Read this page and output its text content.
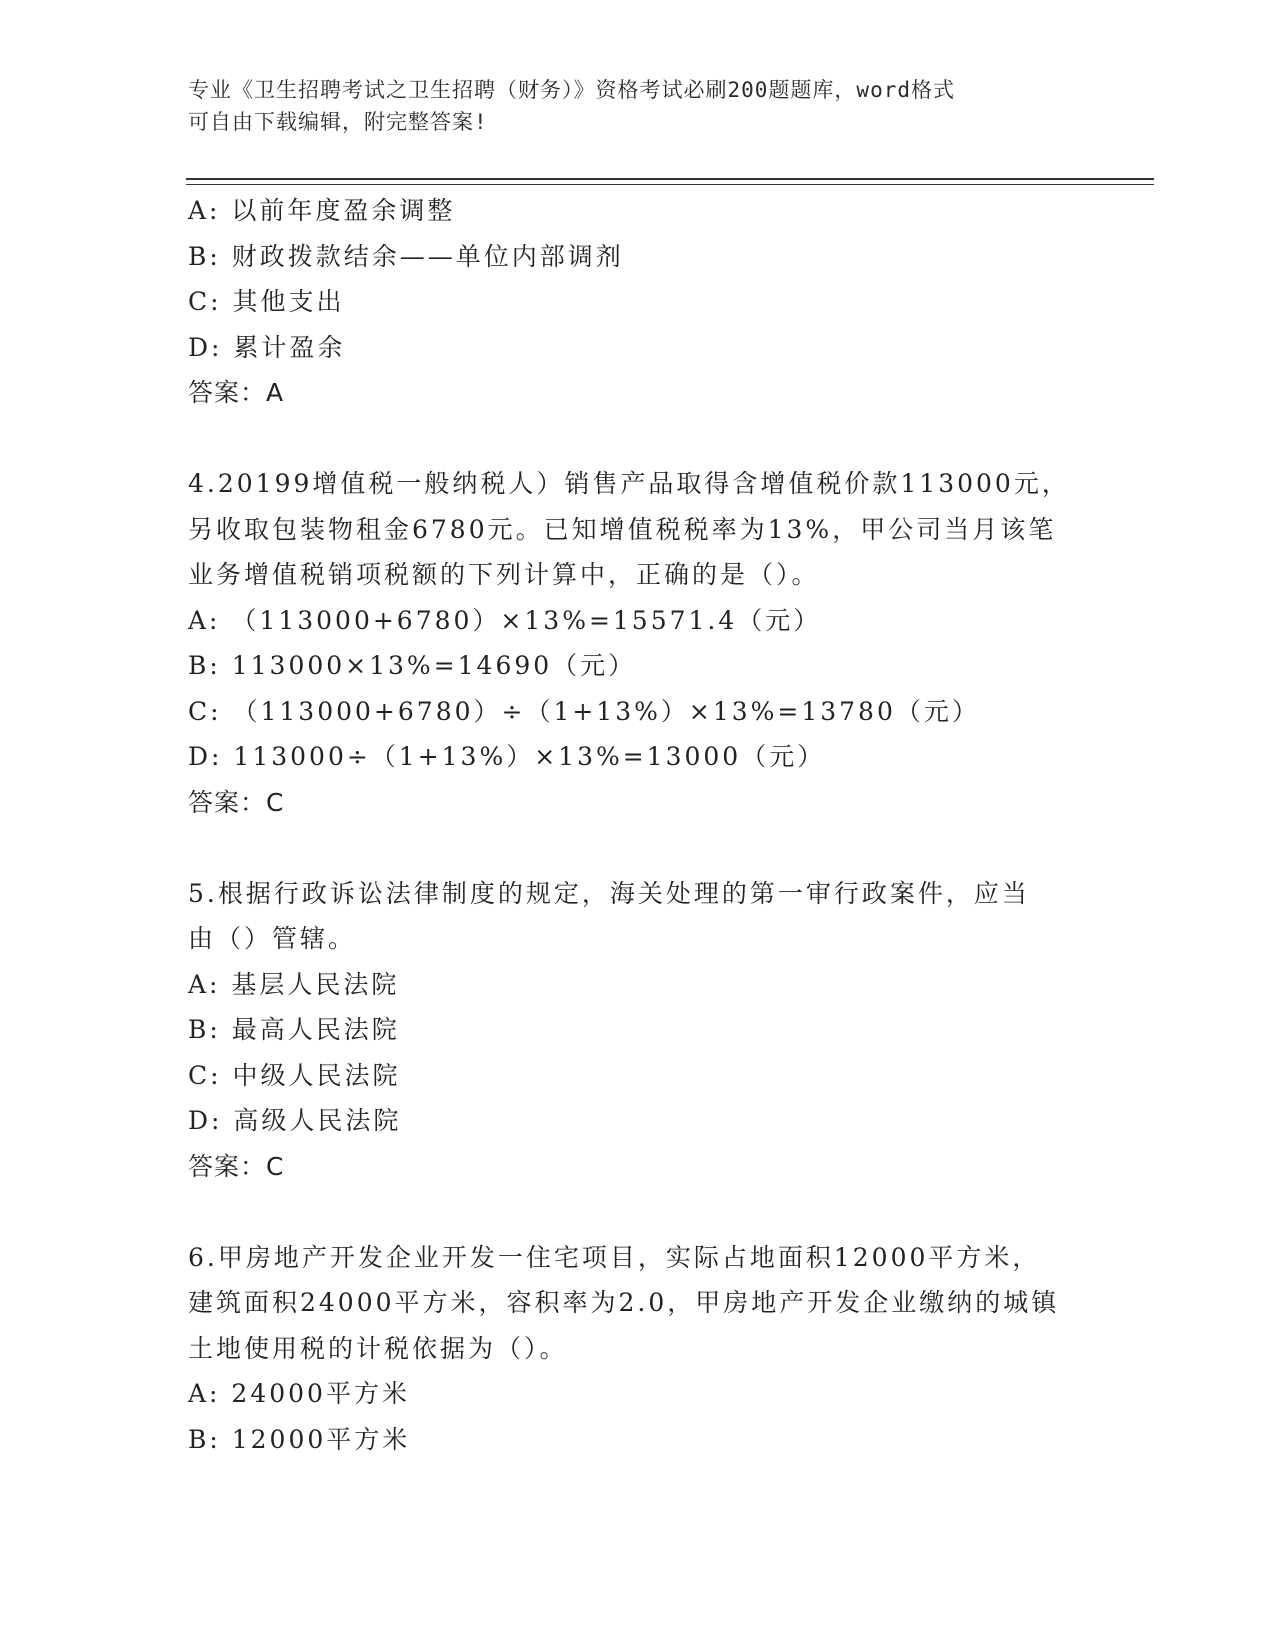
专业《卫生招聘考试之卫生招聘（财务）》资格考试必刷200题题库，word格式
可自由下载编辑，附完整答案!
A: 以前年度盈余调整
B: 财政拨款结余——单位内部调剂
C: 其他支出
D: 累计盈余
答案：A
4.20199增值税一般纳税人）销售产品取得含增值税价款113000元，
另收取包装物租金6780元。已知增值税税率为13%，甲公司当月该笔
业务增值税销项税额的下列计算中，正确的是（）。
A: （113000+6780）×13%=15571.4（元）
B: 113000×13%=14690（元）
C: （113000+6780）÷（1+13%）×13%=13780（元）
D: 113000÷（1+13%）×13%=13000（元）
答案：C
5.根据行政诉讼法律制度的规定，海关处理的第一审行政案件，应当
由（）管辖。
A: 基层人民法院
B: 最高人民法院
C: 中级人民法院
D: 高级人民法院
答案：C
6.甲房地产开发企业开发一住宅项目，实际占地面积12000平方米，
建筑面积24000平方米，容积率为2.0，甲房地产开发企业缴纳的城镇
土地使用税的计税依据为（）。
A: 24000平方米
B: 12000平方米
